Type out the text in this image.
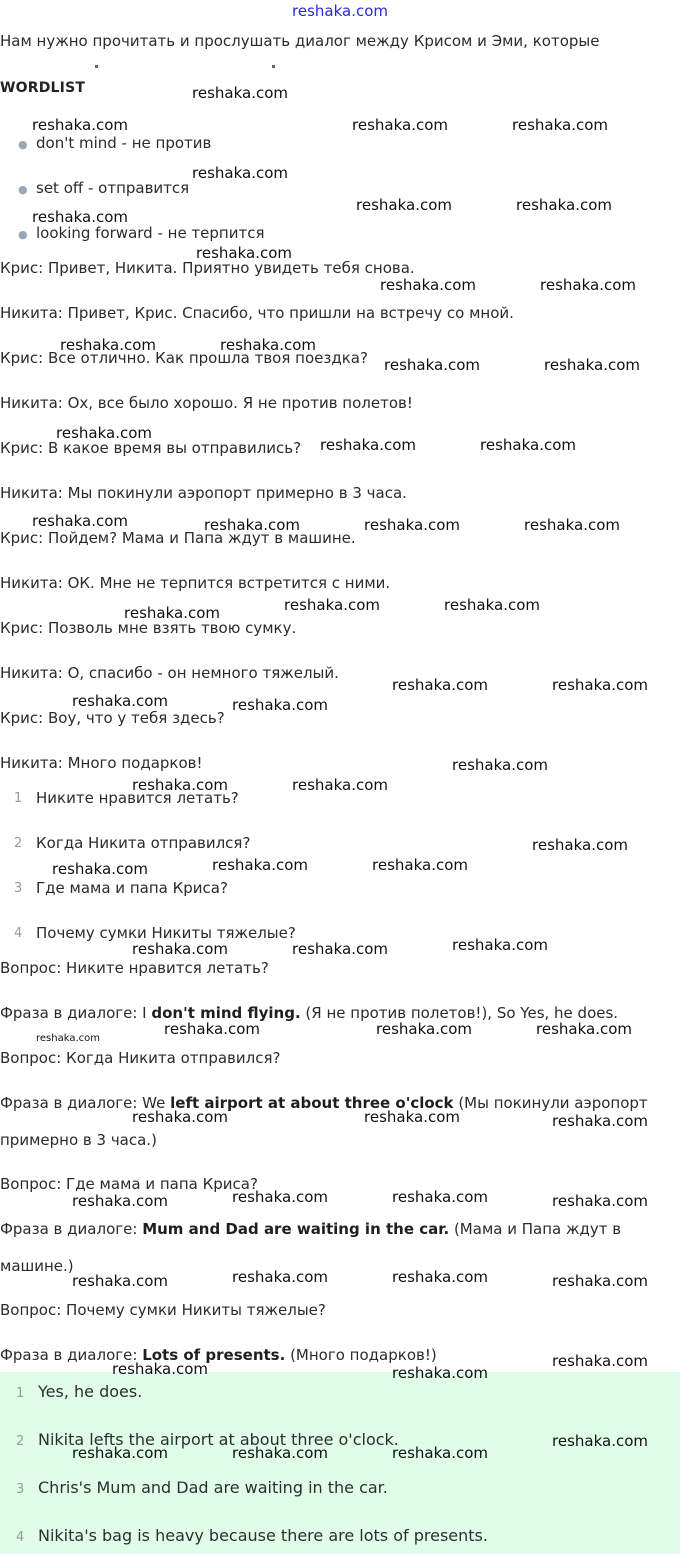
reshaka.com
Нам нужно прочитать и прослушать диалог между Крисом и Эми, которые
WORDLIST
● don't mind - не против
● set off - отправится
● looking forward - не терпится
Крис: Привет, Никита. Приятно увидеть тебя снова.
Никита: Привет, Крис. Спасибо, что пришли на встречу со мной.
Крис: Все отлично. Как прошла твоя поездка?
Никита: Ох, все было хорошо. Я не против полетов!
Крис: В какое время вы отправились?
Никита: Мы покинули аэропорт примерно в 3 часа.
Крис: Пойдем? Мама и Папа ждут в машине.
Никита: ОК. Мне не терпится встретится с ними.
Крис: Позволь мне взять твою сумку.
Никита: О, спасибо - он немного тяжелый.
Крис: Воу, что у тебя здесь?
Никита: Много подарков!
1 Никите нравится летать?
2 Когда Никита отправился?
3 Где мама и папа Криса?
4 Почему сумки Никиты тяжелые?
Вопрос: Никите нравится летать?
Фраза в диалоге: I don't mind flying. (Я не против полетов!), So Yes, he does.
Вопрос: Когда Никита отправился?
Фраза в диалоге: We left airport at about three o'clock (Мы покинули аэропорт
примерно в 3 часа.)
Вопрос: Где мама и папа Криса?
Фраза в диалоге: Mum and Dad are waiting in the car. (Мама и Папа ждут в
машине.)
Вопрос: Почему сумки Никиты тяжелые?
Фраза в диалоге: Lots of presents. (Много подарков!)
1 Yes, he does.
2 Nikita lefts the airport at about three o'clock.
3 Chris's Mum and Dad are waiting in the car.
4 Nikita's bag is heavy because there are lots of presents.
reshaka.com
reshaka.com	reshaka.com	reshaka.com
reshaka.com
reshaka.com
reshaka.com	reshaka.com
reshaka.com
reshaka.com	reshaka.com
reshaka.com	reshaka.com
reshaka.com	reshaka.com
reshaka.com
reshaka.com	reshaka.com
reshaka.com	reshaka.com	reshaka.com	reshaka.com
reshaka.com	reshaka.com	reshaka.com
reshaka.com	reshaka.com
reshaka.com	reshaka.com
reshaka.com
reshaka.com	reshaka.com
reshaka.com
reshaka.com	reshaka.com	reshaka.com
reshaka.com	reshaka.com	reshaka.com
reshaka.com	reshaka.com	reshaka.com
reshaka.com	reshaka.com	reshaka.com
reshaka.com	reshaka.com	reshaka.com	reshaka.com
reshaka.com	reshaka.com	reshaka.com	reshaka.com
reshaka.com	reshaka.com
reshaka.com
reshaka.com	reshaka.com	reshaka.com
reshaka.com
reshaka.com
